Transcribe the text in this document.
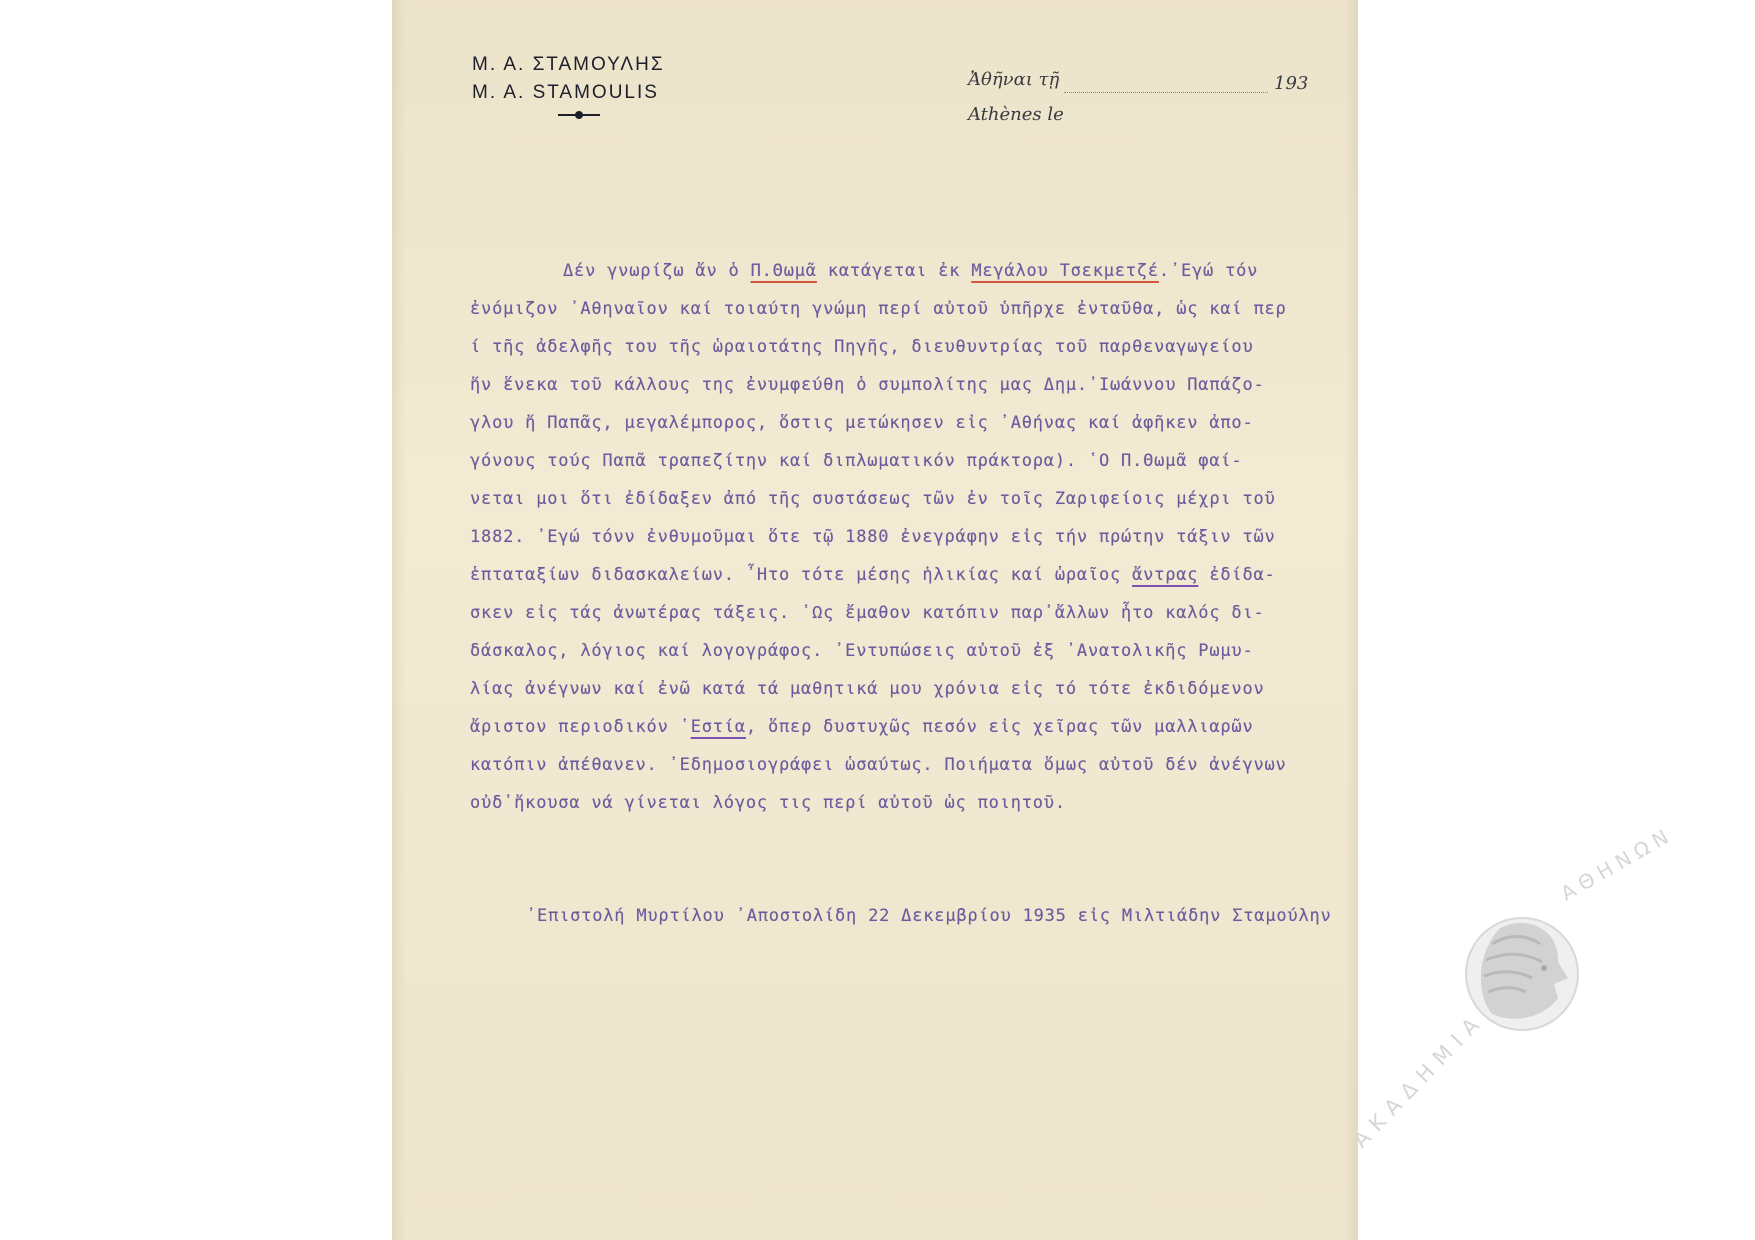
Μ. Α. ΣΤΑΜΟΥΛΗΣ
M. A. STAMOULIS
Ἀθῆναι τῇ	193
Athènes le
Δέν γνωρίζω ἄν ὁ Π.Θωμᾶ κατάγεται ἐκ Μεγάλου Τσεκμετζέ.᾿Εγώ τόν
ἐνόμιζον ᾿Αθηναῖον καί τοιαύτη γνώμη περί αὐτοῦ ὑπῆρχε ἐνταῦθα, ὡς καί περ
ί τῆς ἀδελφῆς του τῆς ὡραιοτάτης Πηγῆς, διευθυντρίας τοῦ παρθεναγωγείου
ἥν ἕνεκα τοῦ κάλλους της ἐνυμφεύθη ὁ συμπολίτης μας Δημ.᾿Ιωάννου Παπάζο-
γλου ἤ Παπᾶς, μεγαλέμπορος, ὅστις μετώκησεν εἰς ᾿Αθήνας καί ἀφῆκεν ἀπο-
γόνους τούς Παπᾶ τραπεζίτην καί διπλωματικόν πράκτορα). ῾Ο Π.Θωμᾶ φαί-
νεται μοι ὅτι ἐδίδαξεν ἀπό τῆς συστάσεως τῶν ἐν τοῖς Ζαριφείοις μέχρι τοῦ
1882. ᾿Εγώ τόνν ἐνθυμοῦμαι ὅτε τῷ 1880 ἐνεγράφην εἰς τήν πρώτην τάξιν τῶν
ἑπταταξίων διδασκαλείων. ῏Ητο τότε μέσης ἡλικίας καί ὡραῖος ἄντρας ἐδίδα-
σκεν εἰς τάς ἀνωτέρας τάξεις. ῾Ως ἔμαθον κατόπιν παρ᾿ἄλλων ἦτο καλός δι-
δάσκαλος, λόγιος καί λογογράφος. ᾿Εντυπώσεις αὐτοῦ ἐξ ᾿Ανατολικῆς Ρωμυ-
λίας ἀνέγνων καί ἐνῶ κατά τά μαθητικά μου χρόνια εἰς τό τότε ἐκδιδόμενον
ἄριστον περιοδικόν ῾Εστία, ὅπερ δυστυχῶς πεσόν εἰς χεῖρας τῶν μαλλιαρῶν
κατόπιν ἀπέθανεν. ᾿Εδημοσιογράφει ὡσαύτως. Ποιήματα ὅμως αὐτοῦ δέν ἀνέγνων
οὐδ᾿ἤκουσα νά γίνεται λόγος τις περί αὐτοῦ ὡς ποιητοῦ.
᾿Επιστολή Μυρτίλου ᾿Αποστολίδη 22 Δεκεμβρίου 1935 εἰς Μιλτιάδην Σταμούλην
ΑΘΗΝΩΝ
ΑΚΑΔΗΜΙΑ
